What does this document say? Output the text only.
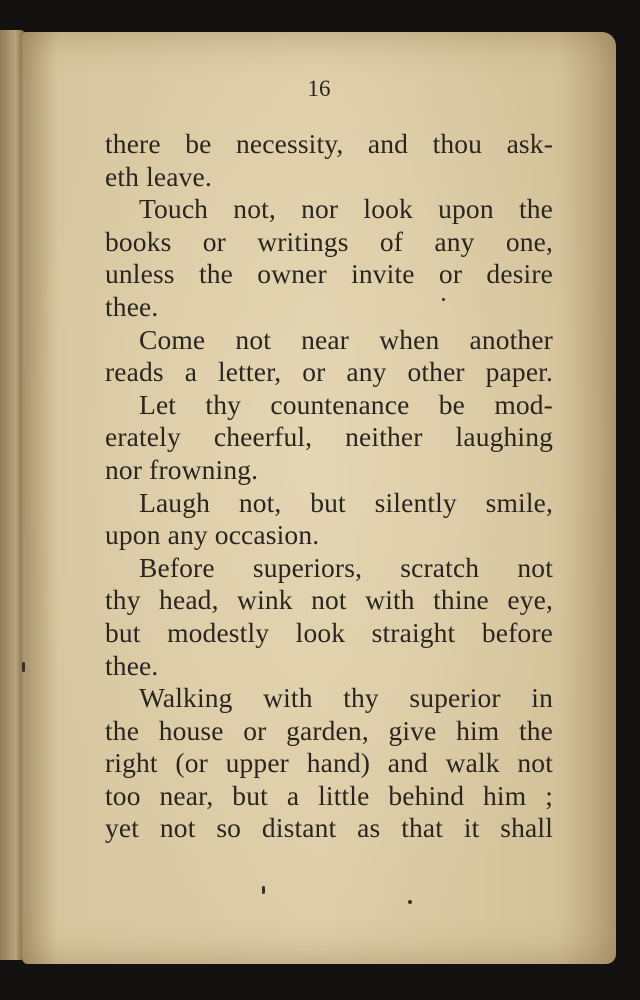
16
there be necessity, and thou ask-
eth leave.
Touch not, nor look upon the
books or writings of any one,
unless the owner invite or desire
thee.
Come not near when another
reads a letter, or any other paper.
Let thy countenance be mod-
erately cheerful, neither laughing
nor frowning.
Laugh not, but silently smile,
upon any occasion.
Before superiors, scratch not
thy head, wink not with thine eye,
but modestly look straight before
thee.
Walking with thy superior in
the house or garden, give him the
right (or upper hand) and walk not
too near, but a little behind him ;
yet not so distant as that it shall
